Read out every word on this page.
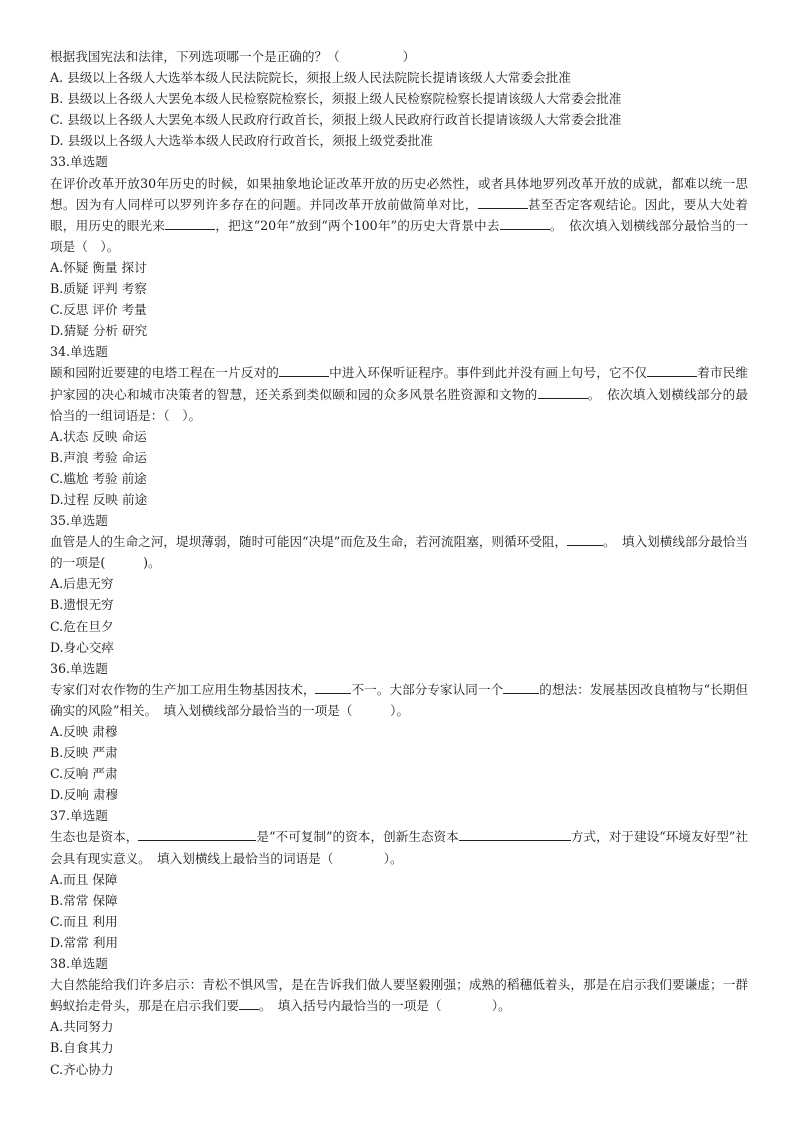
根据我国宪法和法律，下列选项哪一个是正确的？（　　　　　）
A. 县级以上各级人大选举本级人民法院院长，须报上级人民法院院长提请该级人大常委会批准
B. 县级以上各级人大罢免本级人民检察院检察长，须报上级人民检察院检察长提请该级人大常委会批准
C. 县级以上各级人大罢免本级人民政府行政首长，须报上级人民政府行政首长提请该级人大常委会批准
D. 县级以上各级人大选举本级人民政府行政首长，须报上级党委批准
33.单选题
在评价改革开放30年历史的时候，如果抽象地论证改革开放的历史必然性，或者具体地罗列改革开放的成就，都难以统一思想。因为有人同样可以罗列许多存在的问题。并同改革开放前做简单对比，	甚至否定客观结论。因此，要从大处着眼，用历史的眼光来	，把这“20年”放到“两个100年”的历史大背景中去	。　依次填入划横线部分最恰当的一项是（　）。
A.怀疑 衡量 探讨
B.质疑 评判 考察
C.反思 评价 考量
D.猜疑 分析 研究
34.单选题
颐和园附近要建的电塔工程在一片反对的	中进入环保听证程序。事件到此并没有画上句号，它不仅	着市民维护家园的决心和城市决策者的智慧，还关系到类似颐和园的众多风景名胜资源和文物的	。　依次填入划横线部分的最恰当的一组词语是：（　）。
A.状态 反映 命运
B.声浪 考验 命运
C.尴尬 考验 前途
D.过程 反映 前途
35.单选题
血管是人的生命之河，堤坝薄弱，随时可能因“决堤”而危及生命，若河流阻塞，则循环受阻，	。　填入划横线部分最恰当的一项是(　　　)。
A.后患无穷
B.遗恨无穷
C.危在旦夕
D.身心交瘁
36.单选题
专家们对农作物的生产加工应用生物基因技术，	不一。大部分专家认同一个	的想法：发展基因改良植物与“长期但确实的风险”相关。　填入划横线部分最恰当的一项是（　　　）。
A.反映 肃穆
B.反映 严肃
C.反响 严肃
D.反响 肃穆
37.单选题
生态也是资本，	是“不可复制”的资本，创新生态资本	方式，对于建设“环境友好型”社会具有现实意义。　填入划横线上最恰当的词语是（　　　　）。
A.而且 保障
B.常常 保障
C.而且 利用
D.常常 利用
38.单选题
大自然能给我们许多启示：青松不惧风雪，是在告诉我们做人要坚毅刚强；成熟的稻穗低着头，那是在启示我们要谦虚；一群蚂蚁抬走骨头，那是在启示我们要 。　填入括号内最恰当的一项是（　　　　）。
A.共同努力
B.自食其力
C.齐心协力
